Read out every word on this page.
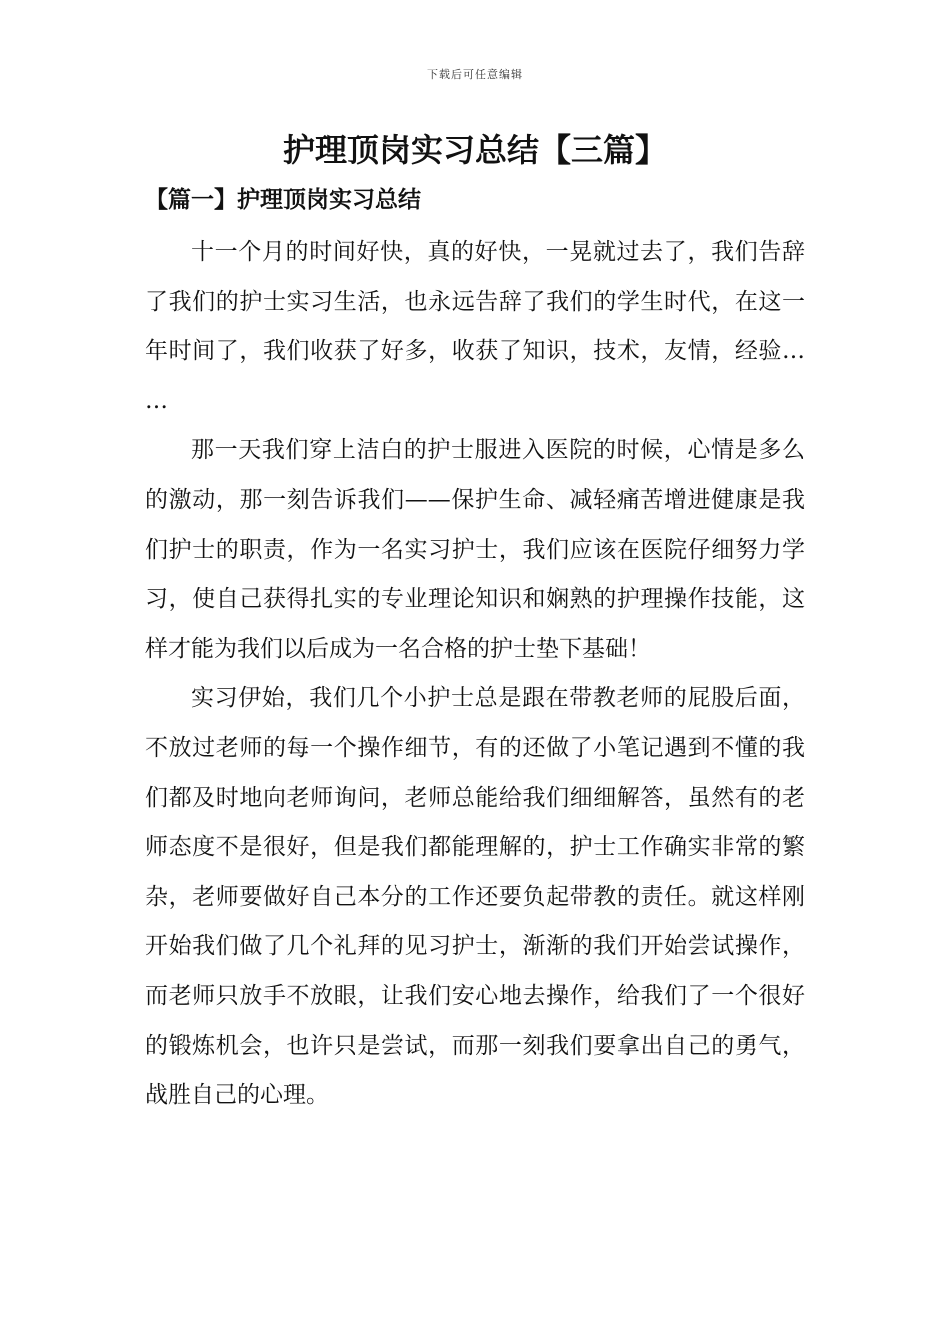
下载后可任意编辑
护理顶岗实习总结【三篇】
【篇一】护理顶岗实习总结

十一个月的时间好快，真的好快，一晃就过去了，我们告辞了我们的护士实习生活，也永远告辞了我们的学生时代，在这一年时间了，我们收获了好多，收获了知识，技术，友情，经验……

那一天我们穿上洁白的护士服进入医院的时候，心情是多么的激动，那一刻告诉我们——保护生命、减轻痛苦增进健康是我们护士的职责，作为一名实习护士，我们应该在医院仔细努力学习，使自己获得扎实的专业理论知识和娴熟的护理操作技能，这样才能为我们以后成为一名合格的护士垫下基础！

实习伊始，我们几个小护士总是跟在带教老师的屁股后面，不放过老师的每一个操作细节，有的还做了小笔记遇到不懂的我们都及时地向老师询问，老师总能给我们细细解答，虽然有的老师态度不是很好，但是我们都能理解的，护士工作确实非常的繁杂，老师要做好自己本分的工作还要负起带教的责任。就这样刚开始我们做了几个礼拜的见习护士，渐渐的我们开始尝试操作，而老师只放手不放眼，让我们安心地去操作，给我们了一个很好的锻炼机会，也许只是尝试，而那一刻我们要拿出自己的勇气，战胜自己的心理。
